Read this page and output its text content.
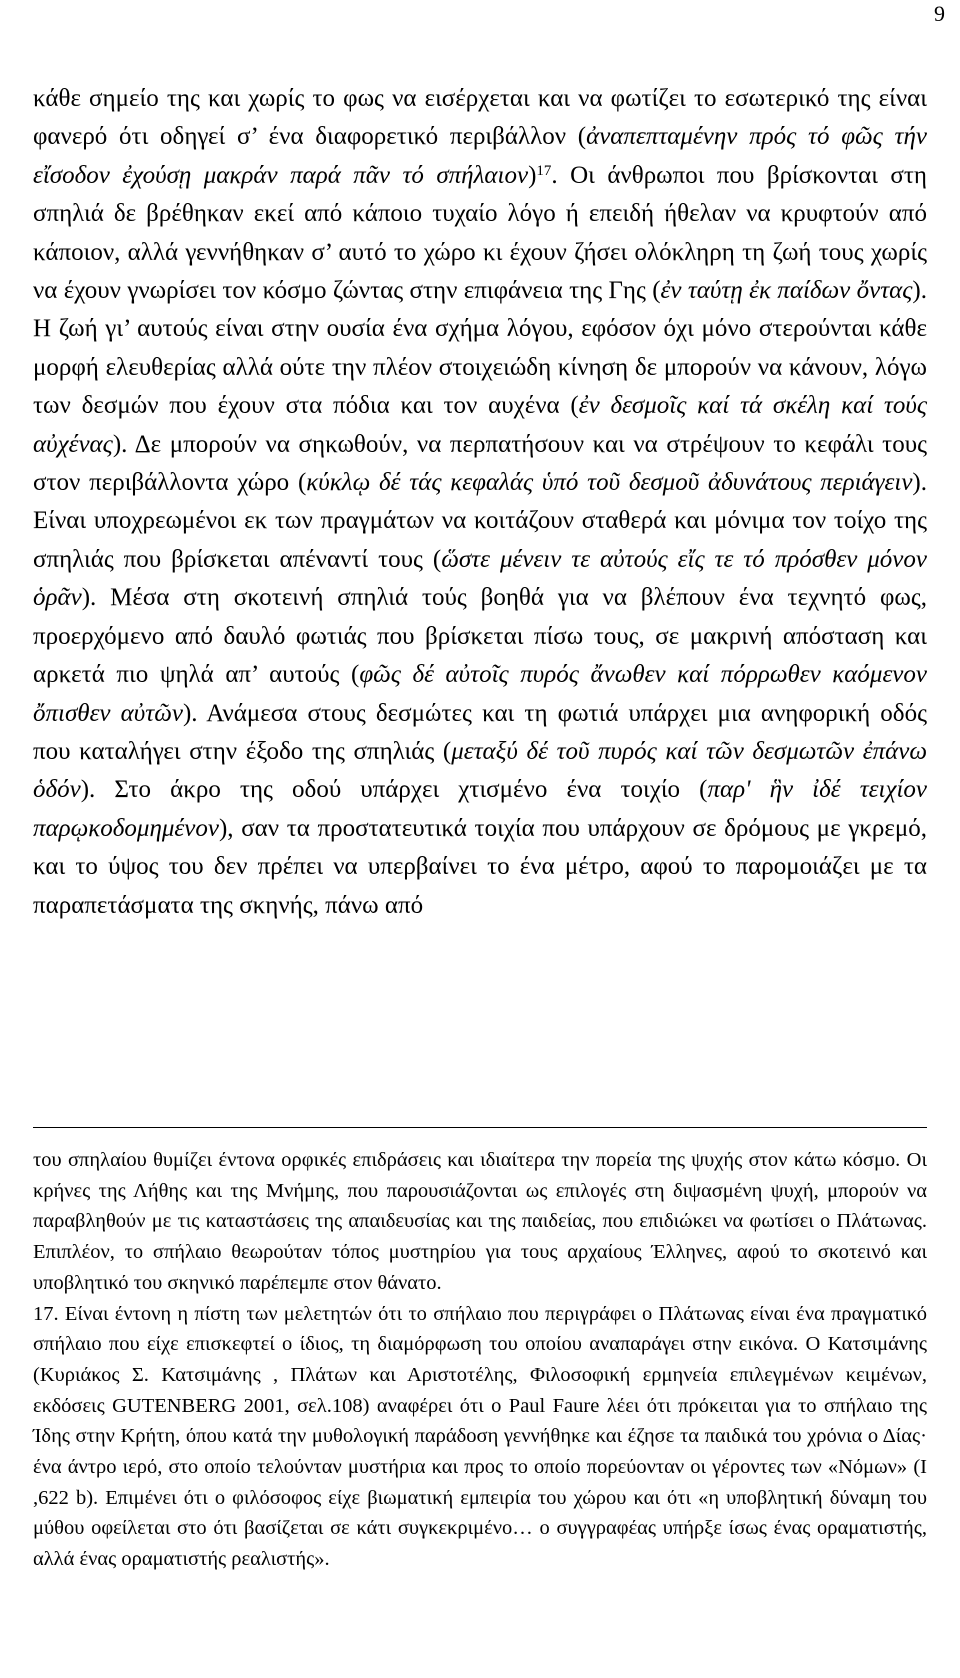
9

κάθε σημείο της και χωρίς το φως να εισέρχεται και να φωτίζει το εσωτερικό της είναι φανερό ότι οδηγεί σ’ ένα διαφορετικό περιβάλλον (ἀναπεπταμένην πρός τό φῶς τήν εἴσοδον ἐχούσῃ μακράν παρά πᾶν τό σπήλαιον)$^{17}$. Οι άνθρωποι που βρίσκονται στη σπηλιά δε βρέθηκαν εκεί από κάποιο τυχαίο λόγο ή επειδή ήθελαν να κρυφτούν από κάποιον, αλλά γεννήθηκαν σ’ αυτό το χώρο κι έχουν ζήσει ολόκληρη τη ζωή τους χωρίς να έχουν γνωρίσει τον κόσμο ζώντας στην επιφάνεια της Γης (ἐν ταύτῃ ἐκ παίδων ὄντας). Η ζωή γι’ αυτούς είναι στην ουσία ένα σχήμα λόγου, εφόσον όχι μόνο στερούνται κάθε μορφή ελευθερίας αλλά ούτε την πλέον στοιχειώδη κίνηση δε μπορούν να κάνουν, λόγω των δεσμών που έχουν στα πόδια και τον αυχένα (ἐν δεσμοῖς καί τά σκέλη καί τούς αὐχένας). Δε μπορούν να σηκωθούν, να περπατήσουν και να στρέψουν το κεφάλι τους στον περιβάλλοντα χώρο (κύκλῳ δέ τάς κεφαλάς ὑπό τοῦ δεσμοῦ ἀδυνάτους περιάγειν). Είναι υποχρεωμένοι εκ των πραγμάτων να κοιτάζουν σταθερά και μόνιμα τον τοίχο της σπηλιάς που βρίσκεται απέναντί τους (ὥστε μένειν τε αὐτούς εἴς τε τό πρόσθεν μόνον ὁρᾶν). Μέσα στη σκοτεινή σπηλιά τούς βοηθά για να βλέπουν ένα τεχνητό φως, προερχόμενο από δαυλό φωτιάς που βρίσκεται πίσω τους, σε μακρινή απόσταση και αρκετά πιο ψηλά απ’ αυτούς (φῶς δέ αὐτοῖς πυρός ἄνωθεν καί πόρρωθεν καόμενον ὄπισθεν αὐτῶν). Ανάμεσα στους δεσμώτες και τη φωτιά υπάρχει μια ανηφορική οδός που καταλήγει στην έξοδο της σπηλιάς (μεταξύ δέ τοῦ πυρός καί τῶν δεσμωτῶν ἐπάνω ὁδόν). Στο άκρο της οδού υπάρχει χτισμένο ένα τοιχίο (παρ' ἣν ἰδέ τειχίον παρῳκοδομημένον), σαν τα προστατευτικά τοιχία που υπάρχουν σε δρόμους με γκρεμό, και το ύψος του δεν πρέπει να υπερβαίνει το ένα μέτρο, αφού το παρομοιάζει με τα παραπετάσματα της σκηνής, πάνω από

του σπηλαίου θυμίζει έντονα ορφικές επιδράσεις και ιδιαίτερα την πορεία της ψυχής στον κάτω κόσμο. Οι κρήνες της Λήθης και της Μνήμης, που παρουσιάζονται ως επιλογές στη διψασμένη ψυχή, μπορούν να παραβληθούν με τις καταστάσεις της απαιδευσίας και της παιδείας, που επιδιώκει να φωτίσει ο Πλάτωνας. Επιπλέον, το σπήλαιο θεωρούταν τόπος μυστηρίου για τους αρχαίους Έλληνες, αφού το σκοτεινό και υποβλητικό του σκηνικό παρέπεμπε στον θάνατο.

17. Είναι έντονη η πίστη των μελετητών ότι το σπήλαιο που περιγράφει ο Πλάτωνας είναι ένα πραγματικό σπήλαιο που είχε επισκεφτεί ο ίδιος, τη διαμόρφωση του οποίου αναπαράγει στην εικόνα. Ο Κατσιμάνης (Κυριάκος Σ. Κατσιμάνης , Πλάτων και Αριστοτέλης, Φιλοσοφική ερμηνεία επιλεγμένων κειμένων, εκδόσεις GUTENBERG 2001, σελ.108) αναφέρει ότι ο Paul Faure λέει ότι πρόκειται για το σπήλαιο της Ίδης στην Κρήτη, όπου κατά την μυθολογική παράδοση γεννήθηκε και έζησε τα παιδικά του χρόνια ο Δίας· ένα άντρο ιερό, στο οποίο τελούνταν μυστήρια και προς το οποίο πορεύονταν οι γέροντες των «Νόμων» (Ι ,622 b). Επιμένει ότι ο φιλόσοφος είχε βιωματική εμπειρία του χώρου και ότι «η υποβλητική δύναμη του μύθου οφείλεται στο ότι βασίζεται σε κάτι συγκεκριμένο… ο συγγραφέας υπήρξε ίσως ένας οραματιστής, αλλά ένας οραματιστής ρεαλιστής».
